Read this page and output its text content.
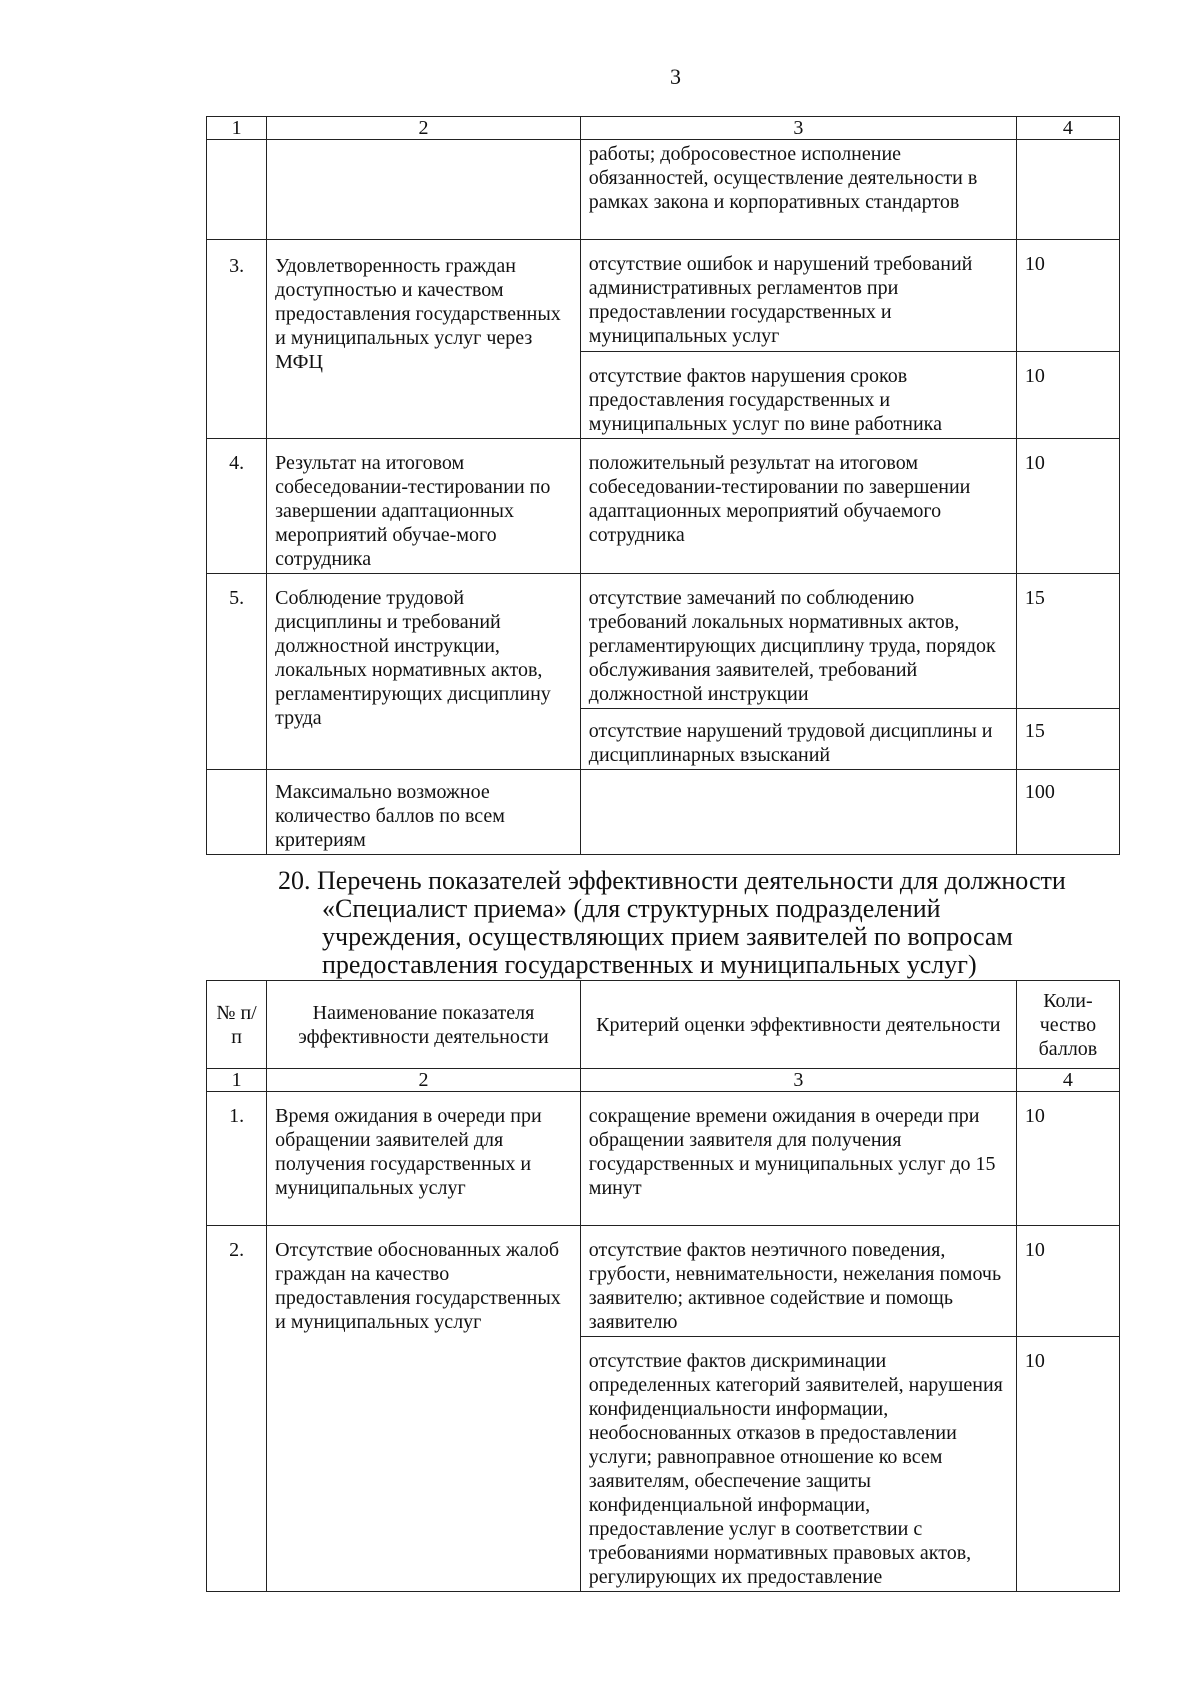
3
1	2	3	4
		работы; добросовестное исполнение обязанностей, осуществление деятельности в рамках закона и корпоративных стандартов	
3.	Удовлетворенность граждан доступностью и качеством предоставления государственных и муниципальных услуг через МФЦ	отсутствие ошибок и нарушений требований административных регламентов при предоставлении государственных и муниципальных услуг	10
		отсутствие фактов нарушения сроков предоставления государственных и муниципальных услуг по вине работника	10
4.	Результат на итоговом собеседовании-тестировании по завершении адаптационных мероприятий обучае-мого сотрудника	положительный результат на итоговом собеседовании-тестировании по завершении адаптационных мероприятий обучаемого сотрудника	10
5.	Соблюдение трудовой дисциплины и требований должностной инструкции, локальных нормативных актов, регламентирующих дисциплину труда	отсутствие замечаний по соблюдению требований локальных нормативных актов, регламентирующих дисциплину труда, порядок обслуживания заявителей, требований должностной инструкции	15
		отсутствие нарушений трудовой дисциплины и дисциплинарных взысканий	15
	Максимально возможное количество баллов по всем критериям		100
20. Перечень показателей эффективности деятельности для должности
«Специалист приема» (для структурных подразделений
учреждения, осуществляющих прием заявителей по вопросам
предоставления государственных и муниципальных услуг)
№ п/п	Наименование показателя эффективности деятельности	Критерий оценки эффективности деятельности	Коли-чество баллов
1	2	3	4
1.	Время ожидания в очереди при обращении заявителей для получения государственных и муниципальных услуг	сокращение времени ожидания в очереди при обращении заявителя для получения государственных и муниципальных услуг до 15 минут	10
2.	Отсутствие обоснованных жалоб граждан на качество предоставления государственных и муниципальных услуг	отсутствие фактов неэтичного поведения, грубости, невнимательности, нежелания помочь заявителю; активное содействие и помощь заявителю	10
		отсутствие фактов дискриминации определенных категорий заявителей, нарушения конфиденциальности информации, необоснованных отказов в предоставлении услуги; равноправное отношение ко всем заявителям, обеспечение защиты конфиденциальной информации, предоставление услуг в соответствии с требованиями нормативных правовых актов, регулирующих их предоставление	10
